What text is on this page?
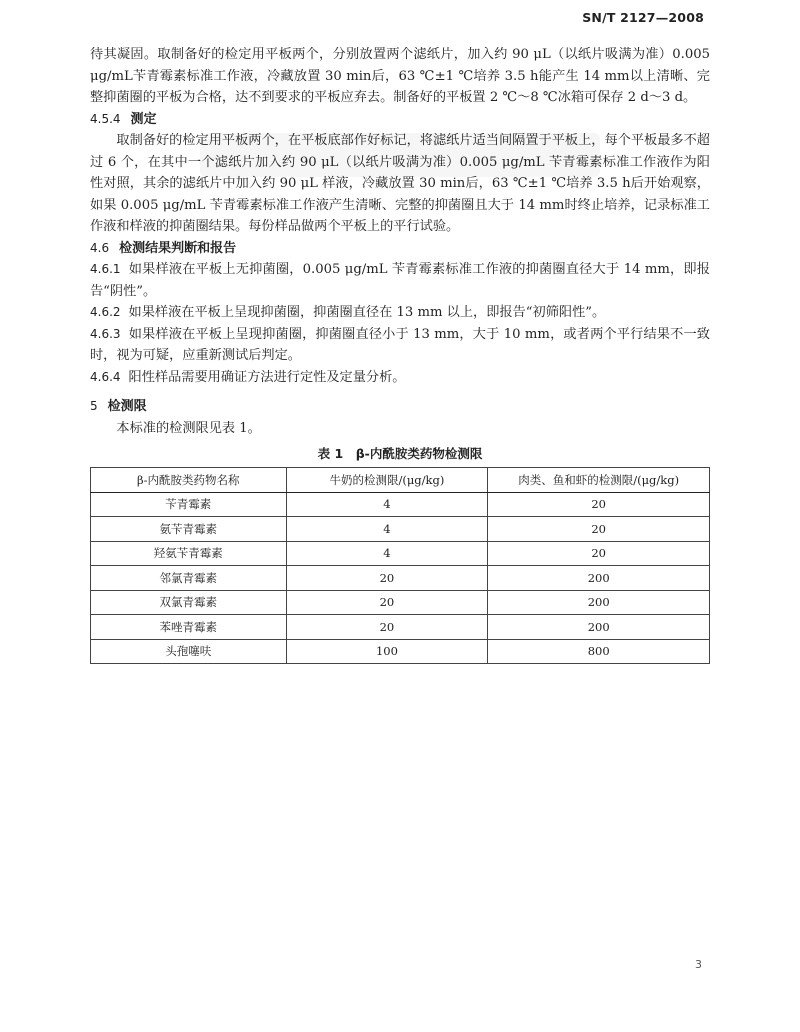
SN/T 2127—2008

待其凝固。取制备好的检定用平板两个，分别放置两个滤纸片，加入约 90 μL（以纸片吸满为准）0.005 μg/mL苄青霉素标准工作液，冷藏放置 30 min后，63 ℃±1 ℃培养 3.5 h能产生 14 mm以上清晰、完整抑菌圈的平板为合格，达不到要求的平板应弃去。制备好的平板置 2 ℃～8 ℃冰箱可保存 2 d～3 d。

4.5.4 测定

取制备好的检定用平板两个，在平板底部作好标记，将滤纸片适当间隔置于平板上，每个平板最多不超过 6 个，在其中一个滤纸片加入约 90 μL（以纸片吸满为准）0.005 μg/mL 苄青霉素标准工作液作为阳性对照，其余的滤纸片中加入约 90 μL 样液，冷藏放置 30 min后，63 ℃±1 ℃培养 3.5 h后开始观察，如果 0.005 μg/mL 苄青霉素标准工作液产生清晰、完整的抑菌圈且大于 14 mm时终止培养，记录标准工作液和样液的抑菌圈结果。每份样品做两个平板上的平行试验。

4.6 检测结果判断和报告

4.6.1 如果样液在平板上无抑菌圈，0.005 μg/mL 苄青霉素标准工作液的抑菌圈直径大于 14 mm，即报告“阴性”。

4.6.2 如果样液在平板上呈现抑菌圈，抑菌圈直径在 13 mm 以上，即报告“初筛阳性”。

4.6.3 如果样液在平板上呈现抑菌圈，抑菌圈直径小于 13 mm，大于 10 mm，或者两个平行结果不一致时，视为可疑，应重新测试后判定。

4.6.4 阳性样品需要用确证方法进行定性及定量分析。

5 检测限

本标准的检测限见表 1。

表 1　β-内酰胺类药物检测限
β-内酰胺类药物名称	牛奶的检测限/(μg/kg)	肉类、鱼和虾的检测限/(μg/kg)
苄青霉素	4	20
氨苄青霉素	4	20
羟氨苄青霉素	4	20
邻氯青霉素	20	200
双氯青霉素	20	200
苯唑青霉素	20	200
头孢噻呋	100	800
3
